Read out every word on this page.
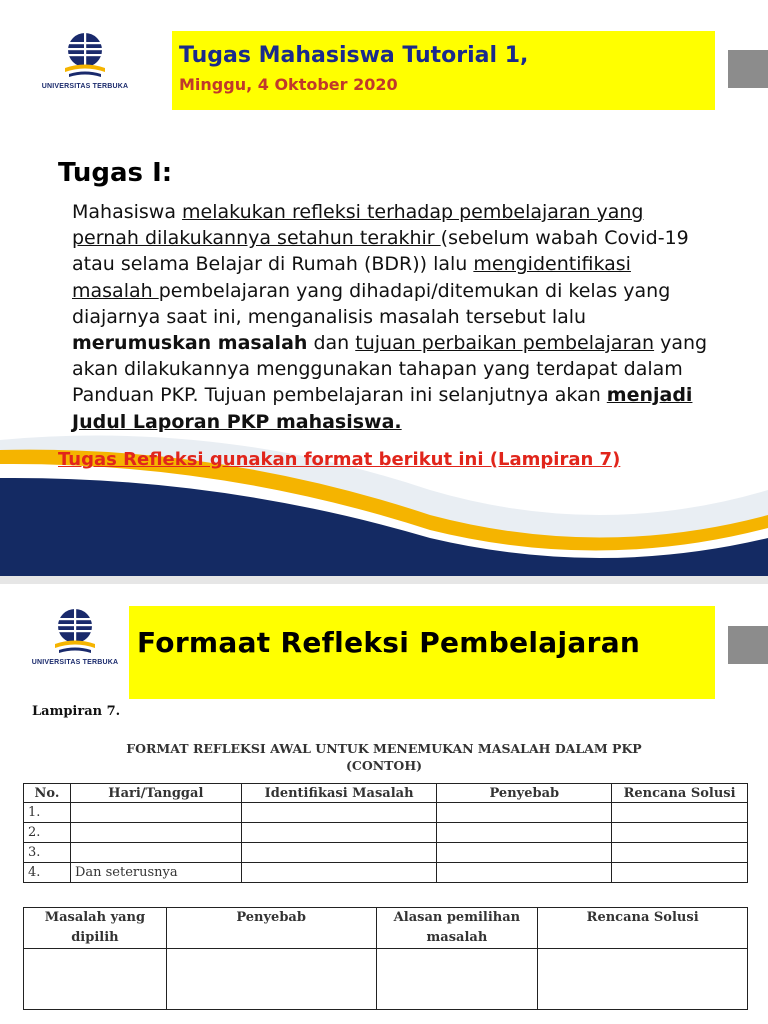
UNIVERSITAS TERBUKA
Tugas Mahasiswa Tutorial 1,
Minggu, 4 Oktober 2020
Tugas I:
Mahasiswa melakukan refleksi terhadap pembelajaran yang pernah dilakukannya setahun terakhir (sebelum wabah Covid-19 atau selama Belajar di Rumah (BDR)) lalu mengidentifikasi masalah pembelajaran yang dihadapi/ditemukan di kelas yang diajarnya saat ini, menganalisis masalah tersebut lalu merumuskan masalah dan tujuan perbaikan pembelajaran yang akan dilakukannya menggunakan tahapan yang terdapat dalam Panduan PKP. Tujuan pembelajaran ini selanjutnya akan menjadi Judul Laporan PKP mahasiswa.
Tugas Refleksi gunakan format berikut ini (Lampiran 7)
UNIVERSITAS TERBUKA
Formaat Refleksi Pembelajaran
Lampiran 7.
FORMAT REFLEKSI AWAL UNTUK MENEMUKAN MASALAH DALAM PKP
(CONTOH)
No.	Hari/Tanggal	Identifikasi Masalah	Penyebab	Rencana Solusi
1.				
2.				
3.				
4.	Dan seterusnya			
Masalah yang dipilih	Penyebab	Alasan pemilihan masalah	Rencana Solusi
